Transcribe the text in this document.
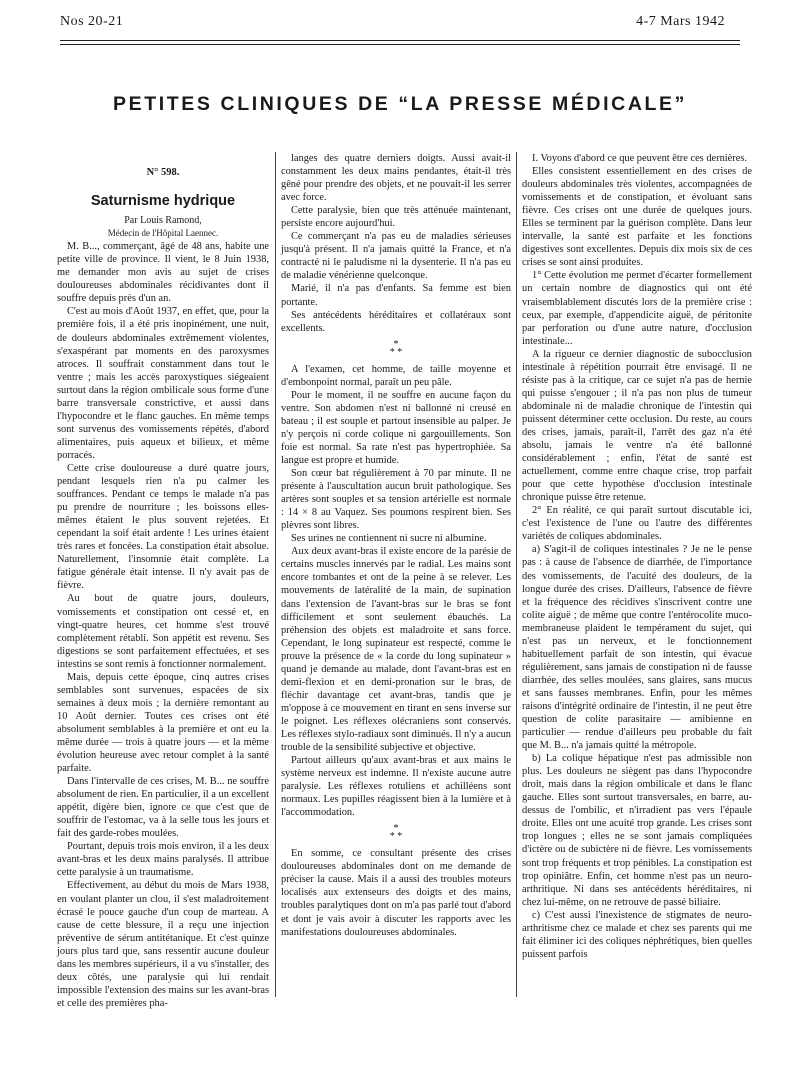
Nos 20-21	4-7 Mars 1942
PETITES CLINIQUES DE “LA PRESSE MÉDICALE”
N° 598.
Saturnisme hydrique

Par Louis Ramond,

Médecin de l'Hôpital Laennec.

M. B..., commerçant, âgé de 48 ans, habite une petite ville de province. Il vient, le 8 Juin 1938, me demander mon avis au sujet de crises douloureuses abdominales récidivantes dont il souffre depuis près d'un an.

C'est au mois d'Août 1937, en effet, que, pour la première fois, il a été pris inopinément, une nuit, de douleurs abdominales extrêmement violentes, s'exaspérant par moments en des paroxysmes atroces. Il souffrait constamment dans tout le ventre ; mais les accès paroxystiques siégeaient surtout dans la région ombilicale sous forme d'une barre transversale constrictive, et aussi dans l'hypocondre et le flanc gauches. En même temps sont survenus des vomissements répétés, d'abord alimentaires, puis aqueux et bilieux, et même porracés.

Cette crise douloureuse a duré quatre jours, pendant lesquels rien n'a pu calmer les souffrances. Pendant ce temps le malade n'a pas pu prendre de nourriture ; les boissons elles-mêmes étaient le plus souvent rejetées. Et cependant la soif était ardente ! Les urines étaient très rares et foncées. La constipation était absolue. Naturellement, l'insomnie était complète. La fatigue générale était intense. Il n'y avait pas de fièvre.

Au bout de quatre jours, douleurs, vomissements et constipation ont cessé et, en vingt-quatre heures, cet homme s'est trouvé complètement rétabli. Son appétit est revenu. Ses digestions se sont parfaitement effectuées, et ses intestins se sont remis à fonctionner normalement.

Mais, depuis cette époque, cinq autres crises semblables sont survenues, espacées de six semaines à deux mois ; la dernière remontant au 10 Août dernier. Toutes ces crises ont été absolument semblables à la première et ont eu la même durée — trois à quatre jours — et la même évolution heureuse avec retour complet à la santé parfaite.

Dans l'intervalle de ces crises, M. B... ne souffre absolument de rien. En particulier, il a un excellent appétit, digère bien, ignore ce que c'est que de souffrir de l'estomac, va à la selle tous les jours et fait des garde-robes moulées.

Pourtant, depuis trois mois environ, il a les deux avant-bras et les deux mains paralysés. Il attribue cette paralysie à un traumatisme.

Effectivement, au début du mois de Mars 1938, en voulant planter un clou, il s'est maladroitement écrasé le pouce gauche d'un coup de marteau. A cause de cette blessure, il a reçu une injection préventive de sérum antitétanique. Et c'est quinze jours plus tard que, sans ressentir aucune douleur dans les membres supérieurs, il a vu s'installer, des deux côtés, une paralysie qui lui rendait impossible l'extension des mains sur les avant-bras et celle des premières pha-

langes des quatre derniers doigts. Aussi avait-il constamment les deux mains pendantes, était-il très gêné pour prendre des objets, et ne pouvait-il les serrer avec force.

Cette paralysie, bien que très atténuée maintenant, persiste encore aujourd'hui.

Ce commerçant n'a pas eu de maladies sérieuses jusqu'à présent. Il n'a jamais quitté la France, et n'a contracté ni le paludisme ni la dysenterie. Il n'a pas eu de maladie vénérienne quelconque.

Marié, il n'a pas d'enfants. Sa femme est bien portante.

Ses antécédents héréditaires et collatéraux sont excellents.

*
* *

A l'examen, cet homme, de taille moyenne et d'embonpoint normal, paraît un peu pâle.

Pour le moment, il ne souffre en aucune façon du ventre. Son abdomen n'est ni ballonné ni creusé en bateau ; il est souple et partout insensible au palper. Je n'y perçois ni corde colique ni gargouillements. Son foie est normal. Sa rate n'est pas hypertrophiée. Sa langue est propre et humide.

Son cœur bat régulièrement à 70 par minute. Il ne présente à l'auscultation aucun bruit pathologique. Ses artères sont souples et sa tension artérielle est normale : 14 × 8 au Vaquez. Ses poumons respirent bien. Ses plèvres sont libres.

Ses urines ne contiennent ni sucre ni albumine.

Aux deux avant-bras il existe encore de la parésie de certains muscles innervés par le radial. Les mains sont encore tombantes et ont de la peine à se relever. Les mouvements de latéralité de la main, de supination dans l'extension de l'avant-bras sur le bras se font difficilement et sont seulement ébauchés. La préhension des objets est maladroite et sans force. Cependant, le long supinateur est respecté, comme le prouve la présence de « la corde du long supinateur » quand je demande au malade, dont l'avant-bras est en demi-flexion et en demi-pronation sur le bras, de fléchir davantage cet avant-bras, tandis que je m'oppose à ce mouvement en tirant en sens inverse sur le poignet. Les réflexes olécraniens sont conservés. Les réflexes stylo-radiaux sont diminués. Il n'y a aucun trouble de la sensibilité subjective et objective.

Partout ailleurs qu'aux avant-bras et aux mains le système nerveux est indemne. Il n'existe aucune autre paralysie. Les réflexes rotuliens et achilléens sont normaux. Les pupilles réagissent bien à la lumière et à l'accommodation.

*
* *

En somme, ce consultant présente des crises douloureuses abdominales dont on me demande de préciser la cause. Mais il a aussi des troubles moteurs localisés aux extenseurs des doigts et des mains, troubles paralytiques dont on m'a pas parlé tout d'abord et dont je vais avoir à discuter les rapports avec les manifestations douloureuses abdominales.

I. Voyons d'abord ce que peuvent être ces dernières.

Elles consistent essentiellement en des crises de douleurs abdominales très violentes, accompagnées de vomissements et de constipation, et évoluant sans fièvre. Ces crises ont une durée de quelques jours. Elles se terminent par la guérison complète. Dans leur intervalle, la santé est parfaite et les fonctions digestives sont excellentes. Depuis dix mois six de ces crises se sont ainsi produites.

1° Cette évolution me permet d'écarter formellement un certain nombre de diagnostics qui ont été vraisemblablement discutés lors de la première crise : ceux, par exemple, d'appendicite aiguë, de péritonite par perforation ou d'une autre nature, d'occlusion intestinale...

A la rigueur ce dernier diagnostic de subocclusion intestinale à répétition pourrait être envisagé. Il ne résiste pas à la critique, car ce sujet n'a pas de hernie qui puisse s'engouer ; il n'a pas non plus de tumeur abdominale ni de maladie chronique de l'intestin qui puissent déterminer cette occlusion. Du reste, au cours des crises, jamais, paraît-il, l'arrêt des gaz n'a été absolu, jamais le ventre n'a été ballonné considérablement ; enfin, l'état de santé est actuellement, comme entre chaque crise, trop parfait pour que cette hypothèse d'occlusion intestinale chronique puisse être retenue.

2° En réalité, ce qui paraît surtout discutable ici, c'est l'existence de l'une ou l'autre des différentes variétés de coliques abdominales.

a) S'agit-il de coliques intestinales ? Je ne le pense pas : à cause de l'absence de diarrhée, de l'importance des vomissements, de l'acuité des douleurs, de la longue durée des crises. D'ailleurs, l'absence de fièvre et la fréquence des récidives s'inscrivent contre une colite aiguë ; de même que contre l'entérocolite muco-membraneuse plaident le tempérament du sujet, qui n'est pas un nerveux, et le fonctionnement habituellement parfait de son intestin, qui évacue régulièrement, sans jamais de constipation ni de fausse diarrhée, des selles moulées, sans glaires, sans mucus et sans fausses membranes. Enfin, pour les mêmes raisons d'intégrité ordinaire de l'intestin, il ne peut être question de colite parasitaire — amibienne en particulier — rendue d'ailleurs peu probable du fait que M. B... n'a jamais quitté la métropole.

b) La colique hépatique n'est pas admissible non plus. Les douleurs ne siègent pas dans l'hypocondre droit, mais dans la région ombilicale et dans le flanc gauche. Elles sont surtout transversales, en barre, au-dessus de l'ombilic, et n'irradient pas vers l'épaule droite. Elles ont une acuité trop grande. Les crises sont trop longues ; elles ne se sont jamais compliquées d'ictère ou de subictère ni de fièvre. Les vomissements sont trop fréquents et trop pénibles. La constipation est trop opiniâtre. Enfin, cet homme n'est pas un neuro-arthritique. Ni dans ses antécédents héréditaires, ni chez lui-même, on ne retrouve de passé biliaire.

c) C'est aussi l'inexistence de stigmates de neuro-arthritisme chez ce malade et chez ses parents qui me fait éliminer ici des coliques néphrétiques, bien quelles puissent parfois
